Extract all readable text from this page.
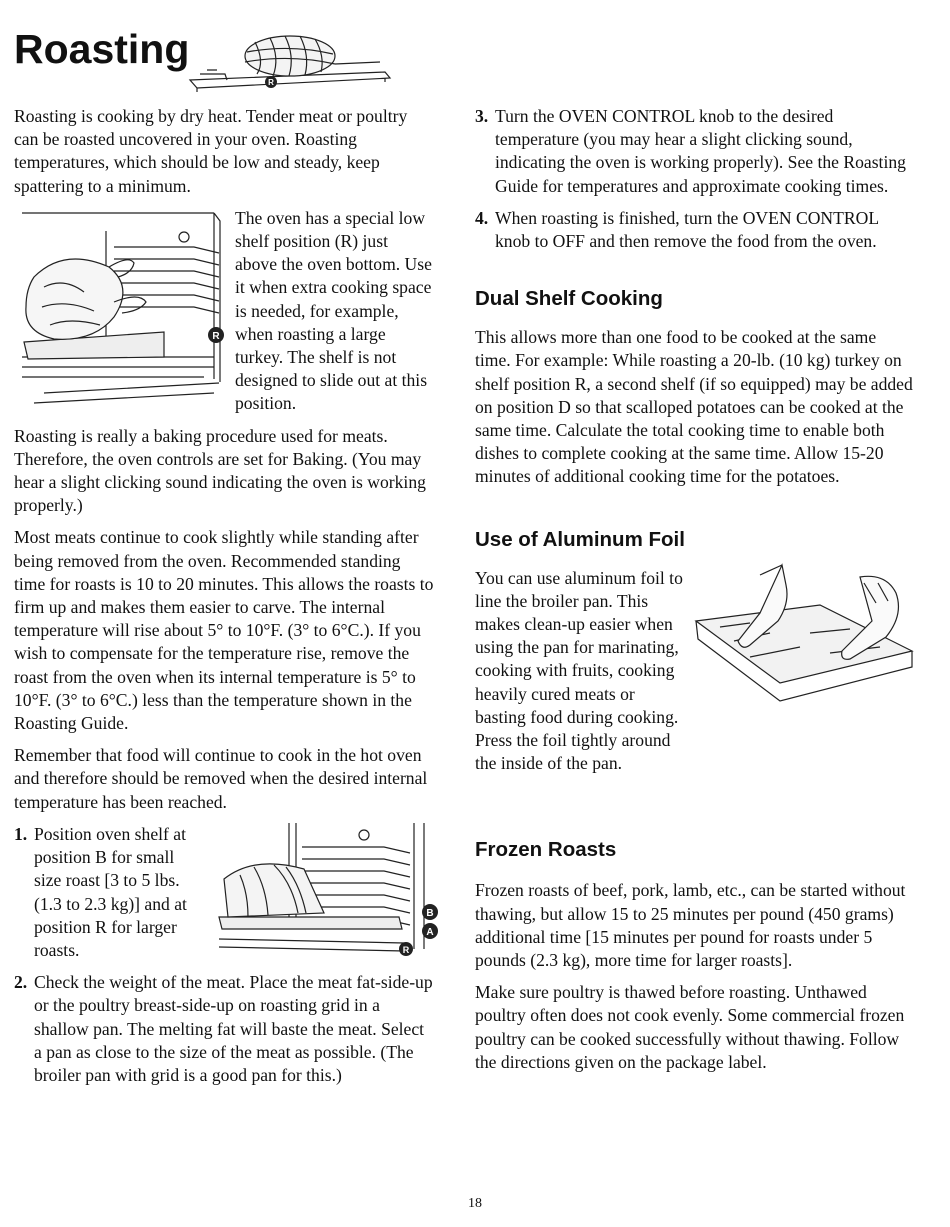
Roasting
R

Roasting is cooking by dry heat. Tender meat or poultry can be roasted uncovered in your oven. Roasting temperatures, which should be low and steady, keep spattering to a minimum.

R

The oven has a special low shelf position (R) just above the oven bottom. Use it when extra cooking space is needed, for example, when roasting a large turkey. The shelf is not designed to slide out at this position.

Roasting is really a baking procedure used for meats. Therefore, the oven controls are set for Baking. (You may hear a slight clicking sound indicating the oven is working properly.)

Most meats continue to cook slightly while standing after being removed from the oven. Recommended standing time for roasts is 10 to 20 minutes. This allows the roasts to firm up and makes them easier to carve. The internal temperature will rise about 5° to 10°F. (3° to 6°C.). If you wish to compensate for the temperature rise, remove the roast from the oven when its internal temperature is 5° to 10°F. (3° to 6°C.) less than the temperature shown in the Roasting Guide.

Remember that food will continue to cook in the hot oven and therefore should be removed when the desired internal temperature has been reached.

1. Position oven shelf at position B for small size roast [3 to 5 lbs. (1.3 to 2.3 kg)] and at position R for larger roasts.

B
A
R
2. Check the weight of the meat. Place the meat fat-side-up or the poultry breast-side-up on roasting grid in a shallow pan. The melting fat will baste the meat. Select a pan as close to the size of the meat as possible. (The broiler pan with grid is a good pan for this.)

3. Turn the OVEN CONTROL knob to the desired temperature (you may hear a slight clicking sound, indicating the oven is working properly). See the Roasting Guide for temperatures and approximate cooking times.

4. When roasting is finished, turn the OVEN CONTROL knob to OFF and then remove the food from the oven.

Dual Shelf Cooking

This allows more than one food to be cooked at the same time. For example: While roasting a 20-lb. (10 kg) turkey on shelf position R, a second shelf (if so equipped) may be added on position D so that scalloped potatoes can be cooked at the same time. Calculate the total cooking time to enable both dishes to complete cooking at the same time. Allow 15-20 minutes of additional cooking time for the potatoes.

Use of Aluminum Foil

You can use aluminum foil to line the broiler pan. This makes clean-up easier when using the pan for marinating, cooking with fruits, cooking heavily cured meats or basting food during cooking. Press the foil tightly around the inside of the pan.

Frozen Roasts

Frozen roasts of beef, pork, lamb, etc., can be started without thawing, but allow 15 to 25 minutes per pound (450 grams) additional time [15 minutes per pound for roasts under 5 pounds (2.3 kg), more time for larger roasts].

Make sure poultry is thawed before roasting. Unthawed poultry often does not cook evenly. Some commercial frozen poultry can be cooked successfully without thawing. Follow the directions given on the package label.

18
